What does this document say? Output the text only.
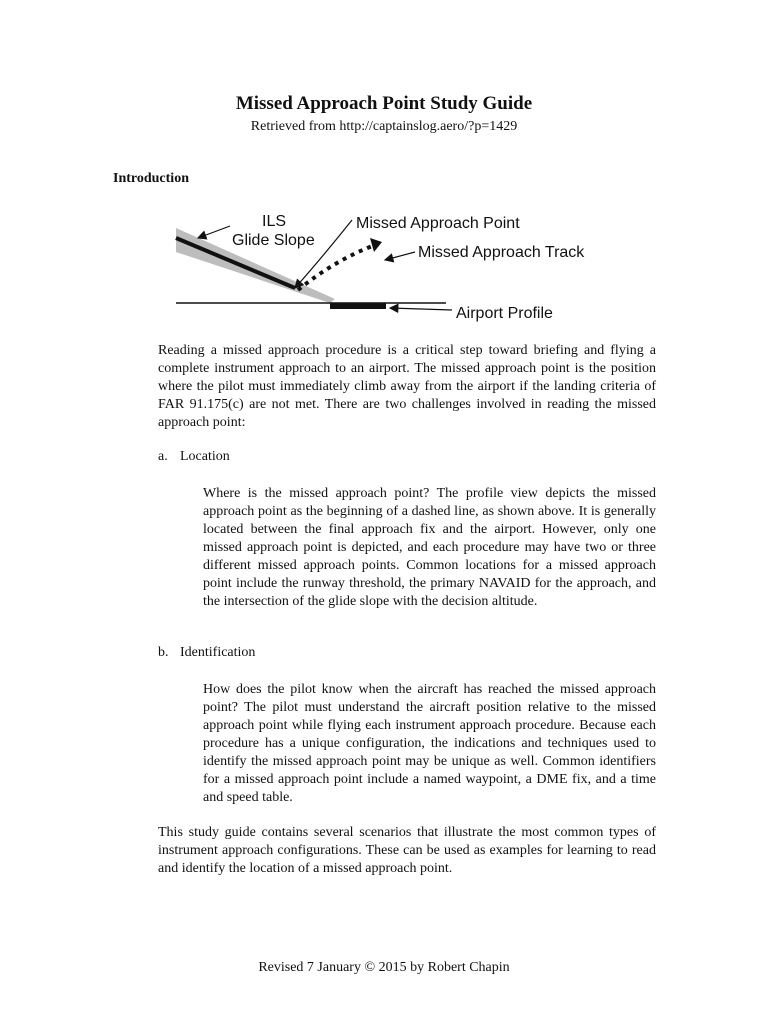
Missed Approach Point Study Guide
Retrieved from http://captainslog.aero/?p=1429
Introduction
ILS
Glide Slope
Missed Approach Point
Missed Approach Track
Airport Profile

Reading a missed approach procedure is a critical step toward briefing and flying a complete instrument approach to an airport. The missed approach point is the position where the pilot must immediately climb away from the airport if the landing criteria of FAR 91.175(c) are not met. There are two challenges involved in reading the missed approach point:

a. Location

Where is the missed approach point? The profile view depicts the missed approach point as the beginning of a dashed line, as shown above. It is generally located between the final approach fix and the airport. However, only one missed approach point is depicted, and each procedure may have two or three different missed approach points. Common locations for a missed approach point include the runway threshold, the primary NAVAID for the approach, and the intersection of the glide slope with the decision altitude.

b. Identification

How does the pilot know when the aircraft has reached the missed approach point? The pilot must understand the aircraft position relative to the missed approach point while flying each instrument approach procedure. Because each procedure has a unique configuration, the indications and techniques used to identify the missed approach point may be unique as well. Common identifiers for a missed approach point include a named waypoint, a DME fix, and a time and speed table.

This study guide contains several scenarios that illustrate the most common types of instrument approach configurations. These can be used as examples for learning to read and identify the location of a missed approach point.

Revised 7 January © 2015 by Robert Chapin
